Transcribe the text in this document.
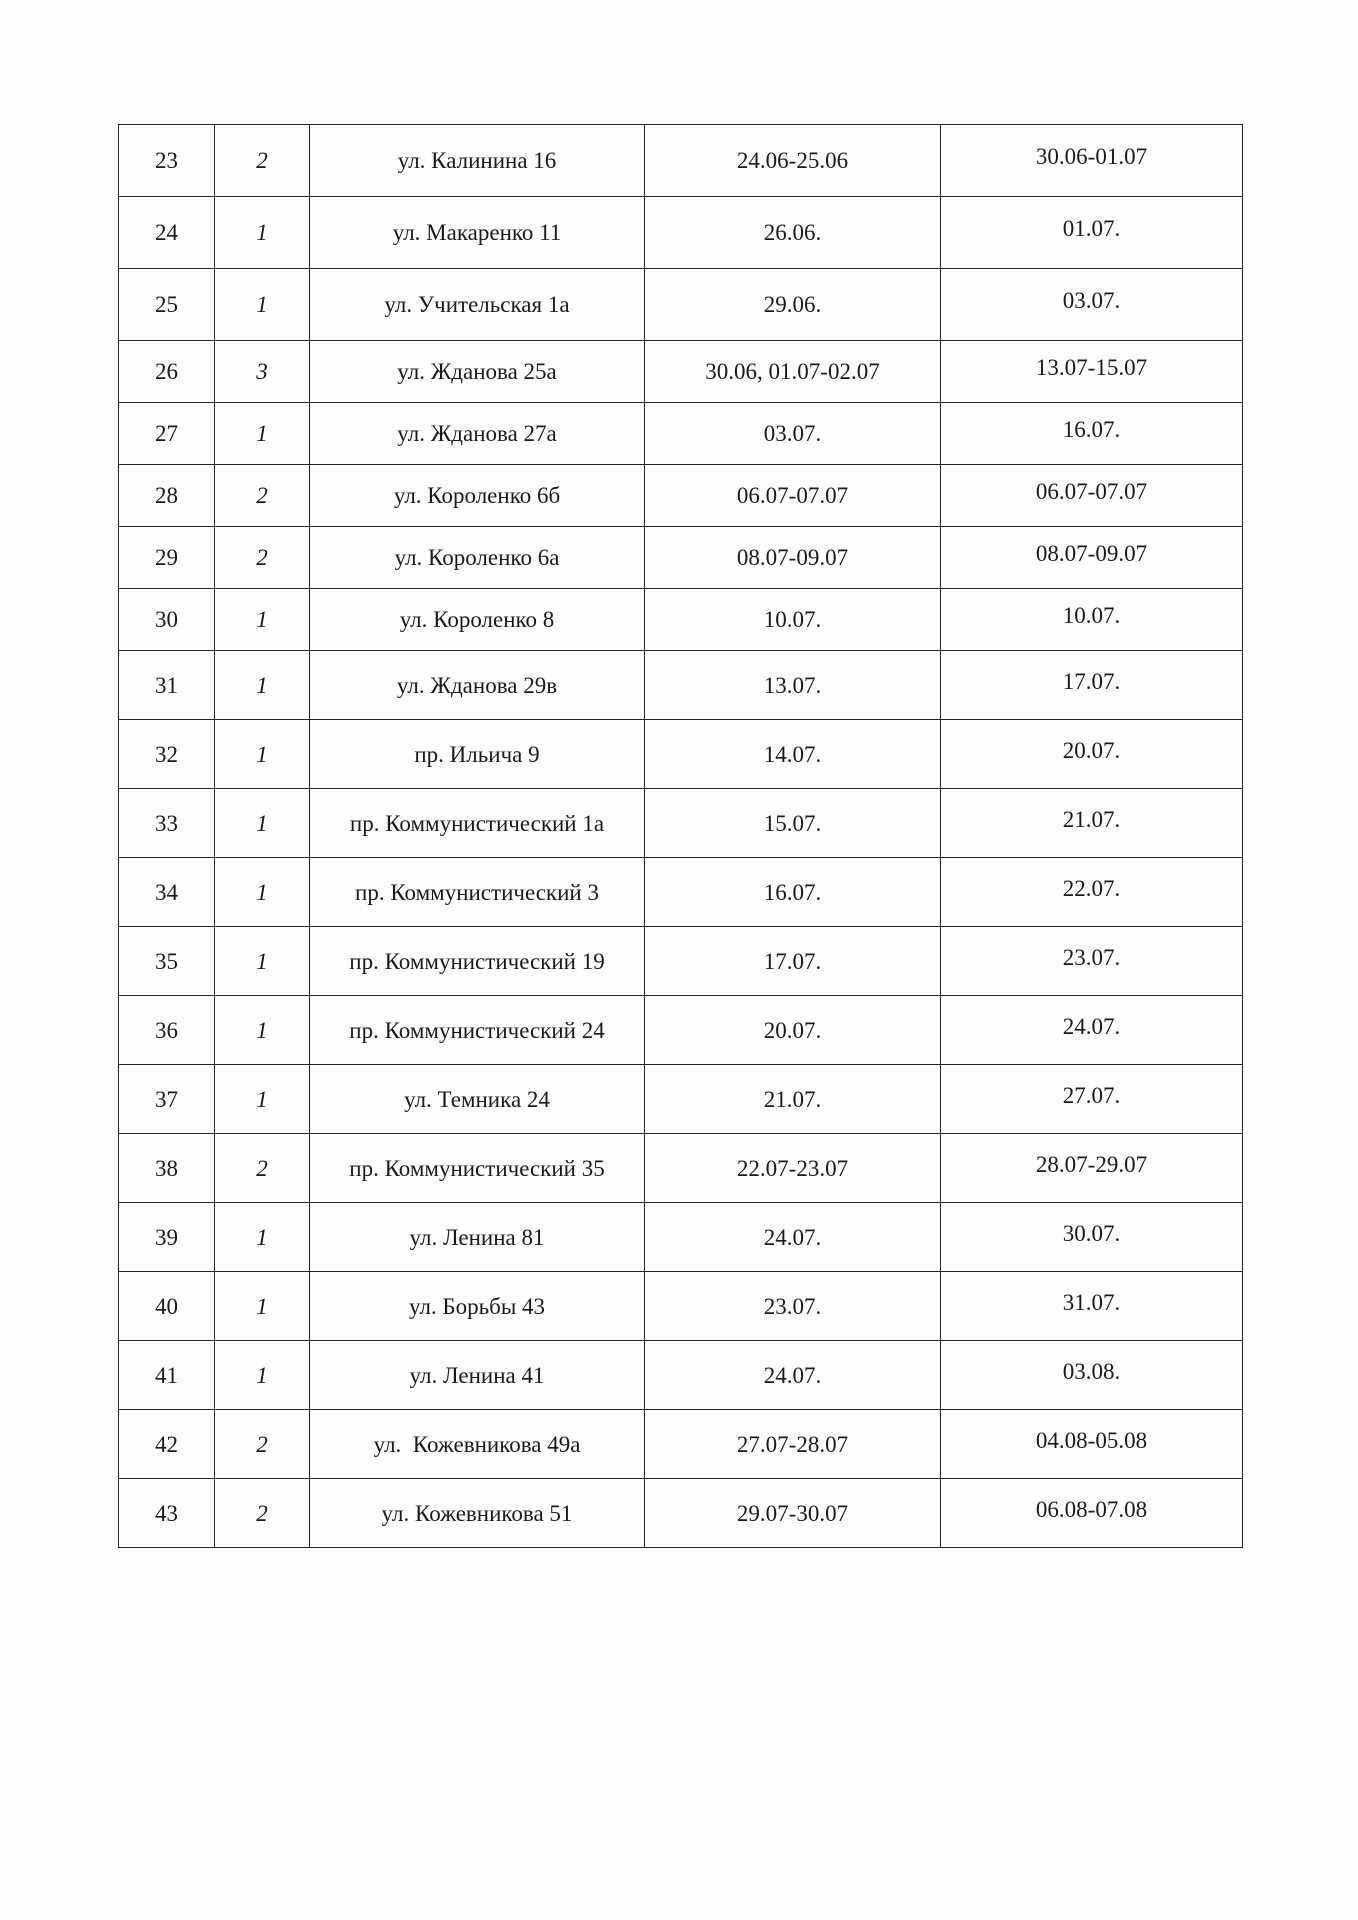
23	2	ул. Калинина 16	24.06-25.06	30.06-01.07
24	1	ул. Макаренко 11	26.06.	01.07.
25	1	ул. Учительская 1а	29.06.	03.07.
26	3	ул. Жданова 25а	30.06, 01.07-02.07	13.07-15.07
27	1	ул. Жданова 27а	03.07.	16.07.
28	2	ул. Короленко 6б	06.07-07.07	06.07-07.07
29	2	ул. Короленко 6а	08.07-09.07	08.07-09.07
30	1	ул. Короленко 8	10.07.	10.07.
31	1	ул. Жданова 29в	13.07.	17.07.
32	1	пр. Ильича 9	14.07.	20.07.
33	1	пр. Коммунистический 1а	15.07.	21.07.
34	1	пр. Коммунистический 3	16.07.	22.07.
35	1	пр. Коммунистический 19	17.07.	23.07.
36	1	пр. Коммунистический 24	20.07.	24.07.
37	1	ул. Темника 24	21.07.	27.07.
38	2	пр. Коммунистический 35	22.07-23.07	28.07-29.07
39	1	ул. Ленина 81	24.07.	30.07.
40	1	ул. Борьбы 43	23.07.	31.07.
41	1	ул. Ленина 41	24.07.	03.08.
42	2	ул.  Кожевникова 49а	27.07-28.07	04.08-05.08
43	2	ул. Кожевникова 51	29.07-30.07	06.08-07.08
